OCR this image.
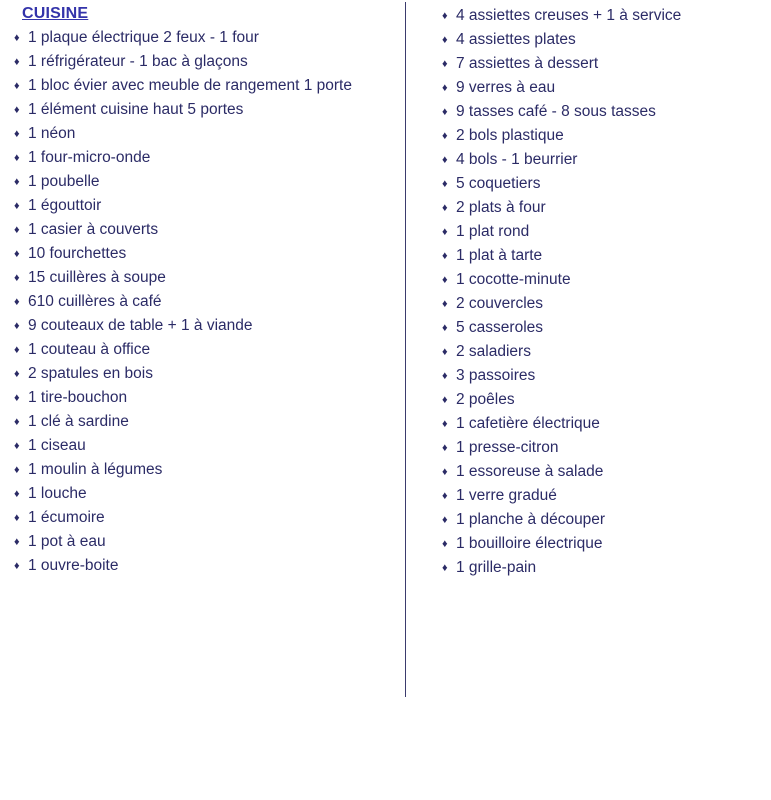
CUISINE
♦ 1 plaque électrique 2 feux - 1 four
♦ 1 réfrigérateur - 1 bac à glaçons
♦ 1 bloc évier avec meuble de rangement 1 porte
♦ 1 élément cuisine haut 5 portes
♦ 1 néon
♦ 1 four-micro-onde
♦ 1 poubelle
♦ 1 égouttoir
♦ 1 casier à couverts
♦ 10 fourchettes
♦ 15 cuillères à soupe
♦ 610 cuillères à café
♦ 9 couteaux de table + 1 à viande
♦ 1 couteau à office
♦ 2 spatules en bois
♦ 1 tire-bouchon
♦ 1 clé à sardine
♦ 1 ciseau
♦ 1 moulin à légumes
♦ 1 louche
♦ 1 écumoire
♦ 1 pot à eau
♦ 1 ouvre-boite
♦ 4 assiettes creuses + 1 à service
♦ 4 assiettes plates
♦ 7 assiettes à dessert
♦ 9 verres à eau
♦ 9 tasses café - 8 sous tasses
♦ 2 bols plastique
♦ 4 bols - 1 beurrier
♦ 5 coquetiers
♦ 2 plats à four
♦ 1 plat rond
♦ 1 plat à tarte
♦ 1 cocotte-minute
♦ 2 couvercles
♦ 5 casseroles
♦ 2 saladiers
♦ 3 passoires
♦ 2 poêles
♦ 1 cafetière électrique
♦ 1 presse-citron
♦ 1 essoreuse à salade
♦ 1 verre gradué
♦ 1 planche à découper
♦ 1 bouilloire électrique
♦ 1 grille-pain
